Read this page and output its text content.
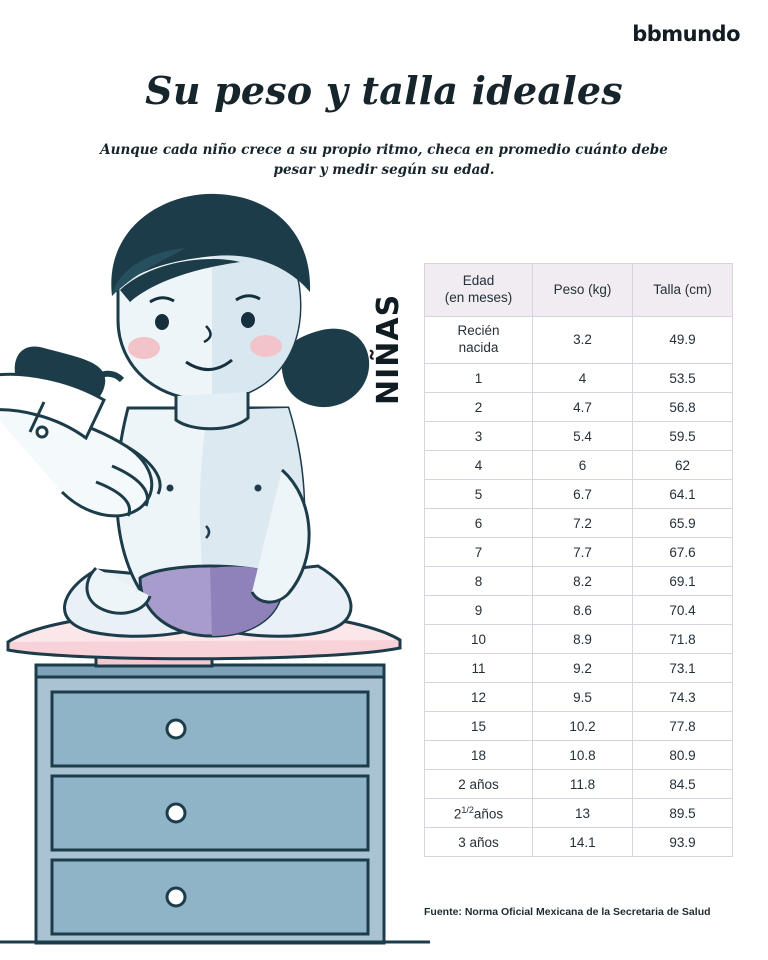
bbmundo
Su peso y talla ideales
Aunque cada niño crece a su propio ritmo, checa en promedio cuánto debe pesar y medir según su edad.
NIÑAS
Edad
(en meses)	Peso (kg)	Talla (cm)

Recién
nacida	3.2	49.9
1	4	53.5
2	4.7	56.8
3	5.4	59.5
4	6	62
5	6.7	64.1
6	7.2	65.9
7	7.7	67.6
8	8.2	69.1
9	8.6	70.4
10	8.9	71.8
11	9.2	73.1
12	9.5	74.3
15	10.2	77.8
18	10.8	80.9
2 años	11.8	84.5
$2^{1/2}años$	13	89.5
3 años	14.1	93.9
Fuente: Norma Oficial Mexicana de la Secretaria de Salud
